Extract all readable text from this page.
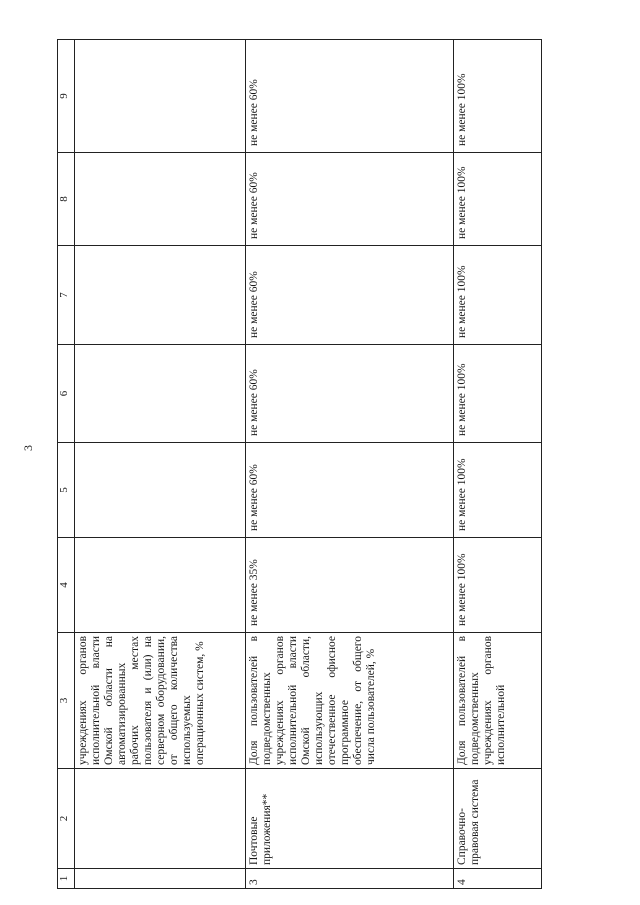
3
1	2	3	4	5	6	7	8	9
		учреждениях органов исполнительной власти Омской области на автоматизированных рабочих местах пользователя и (или) на серверном оборудовании, от общего количества используемых операционных систем, %						
3	Почтовые приложения**	Доля пользователей в подведомственных учреждениях органов исполнительной власти Омской области, использующих отечественное офисное программное обеспечение, от общего числа пользователей, %	не менее 35%	не менее 60%	не менее 60%	не менее 60%	не менее 60%	не менее 60%
4	Справочно-правовая система	Доля пользователей в подведомственных учреждениях органов исполнительной	не менее 100%	не менее 100%	не менее 100%	не менее 100%	не менее 100%	не менее 100%
